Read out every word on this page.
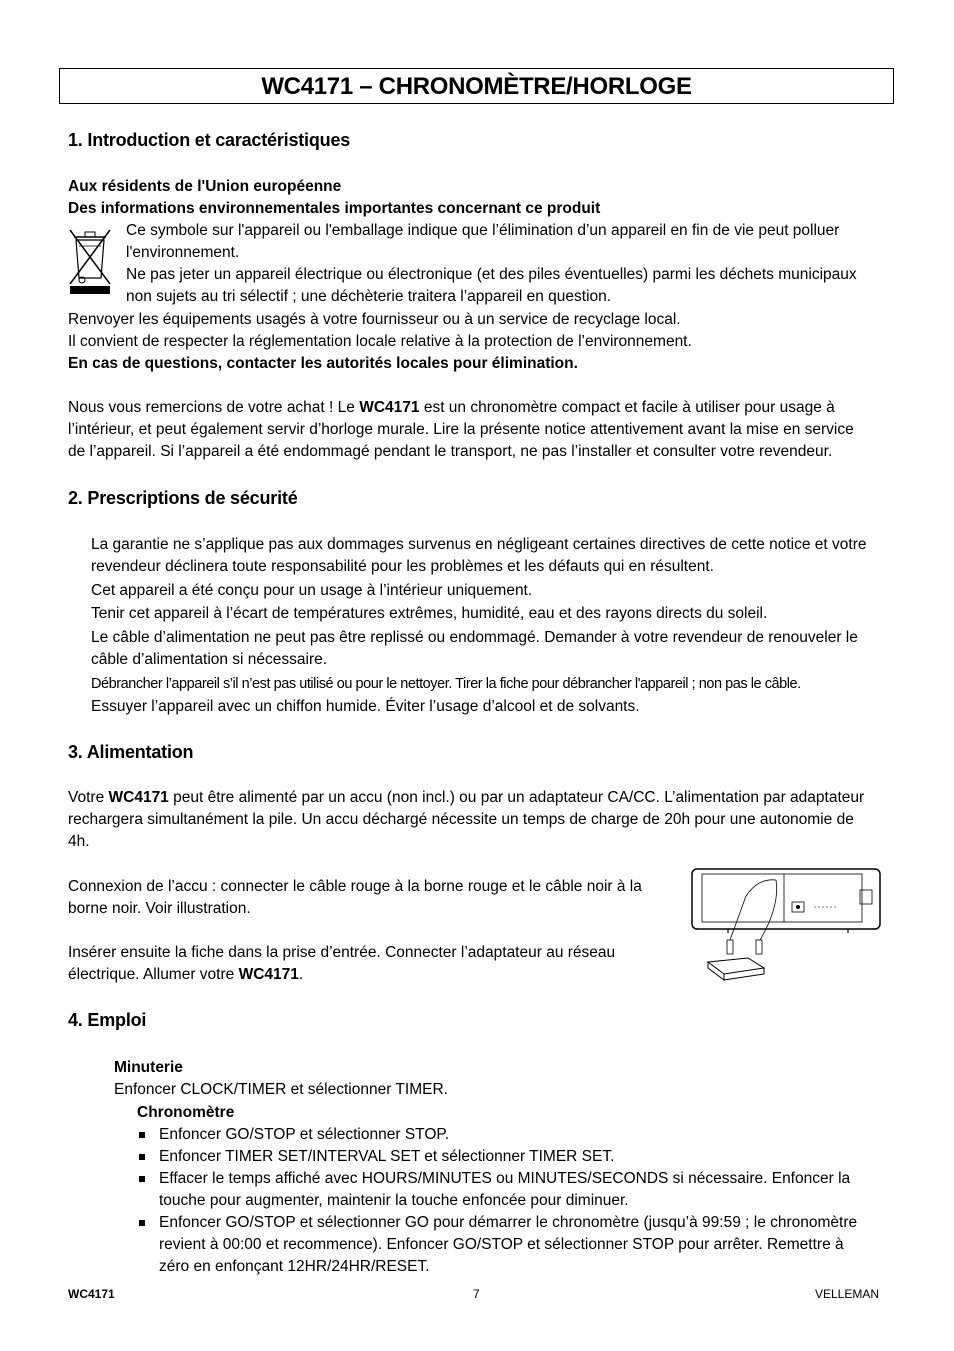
WC4171 – CHRONOMÈTRE/HORLOGE
1. Introduction et caractéristiques

Aux résidents de l'Union européenne

Des informations environnementales importantes concernant ce produit

Ce symbole sur l'appareil ou l'emballage indique que l’élimination d’un appareil en fin de vie peut polluer

l'environnement.

Ne pas jeter un appareil électrique ou électronique (et des piles éventuelles) parmi les déchets municipaux

non sujets au tri sélectif ; une déchèterie traitera l’appareil en question.

Renvoyer les équipements usagés à votre fournisseur ou à un service de recyclage local.

Il convient de respecter la réglementation locale relative à la protection de l’environnement.

En cas de questions, contacter les autorités locales pour élimination.

Nous vous remercions de votre achat ! Le WC4171 est un chronomètre compact et facile à utiliser pour usage à

l’intérieur, et peut également servir d’horloge murale. Lire la présente notice attentivement avant la mise en service

de l’appareil. Si l’appareil a été endommagé pendant le transport, ne pas l’installer et consulter votre revendeur.

2. Prescriptions de sécurité

La garantie ne s’applique pas aux dommages survenus en négligeant certaines directives de cette notice et votre

revendeur déclinera toute responsabilité pour les problèmes et les défauts qui en résultent.

Cet appareil a été conçu pour un usage à l’intérieur uniquement.

Tenir cet appareil à l’écart de températures extrêmes, humidité, eau et des rayons directs du soleil.

Le câble d’alimentation ne peut pas être replissé ou endommagé. Demander à votre revendeur de renouveler le

câble d’alimentation si nécessaire.

Débrancher l’appareil s’il n’est pas utilisé ou pour le nettoyer. Tirer la fiche pour débrancher l'appareil ; non pas le câble.

Essuyer l’appareil avec un chiffon humide. Éviter l’usage d’alcool et de solvants.

3. Alimentation

Votre WC4171 peut être alimenté par un accu (non incl.) ou par un adaptateur CA/CC. L’alimentation par adaptateur

rechargera simultanément la pile. Un accu déchargé nécessite un temps de charge de 20h pour une autonomie de

4h.

Connexion de l’accu : connecter le câble rouge à la borne rouge et le câble noir à la

borne noir. Voir illustration.

Insérer ensuite la fiche dans la prise d’entrée. Connecter l’adaptateur au réseau

électrique. Allumer votre WC4171.

4. Emploi

Minuterie

Enfoncer CLOCK/TIMER et sélectionner TIMER.

Chronomètre

Enfoncer GO/STOP et sélectionner STOP.
Enfoncer TIMER SET/INTERVAL SET et sélectionner TIMER SET.
Effacer le temps affiché avec HOURS/MINUTES ou MINUTES/SECONDS si nécessaire. Enfoncer la
touche pour augmenter, maintenir la touche enfoncée pour diminuer.
Enfoncer GO/STOP et sélectionner GO pour démarrer le chronomètre (jusqu’à 99:59 ; le chronomètre
revient à 00:00 et recommence). Enfoncer GO/STOP et sélectionner STOP pour arrêter. Remettre à
zéro en enfonçant 12HR/24HR/RESET.
WC4171	7	VELLEMAN
